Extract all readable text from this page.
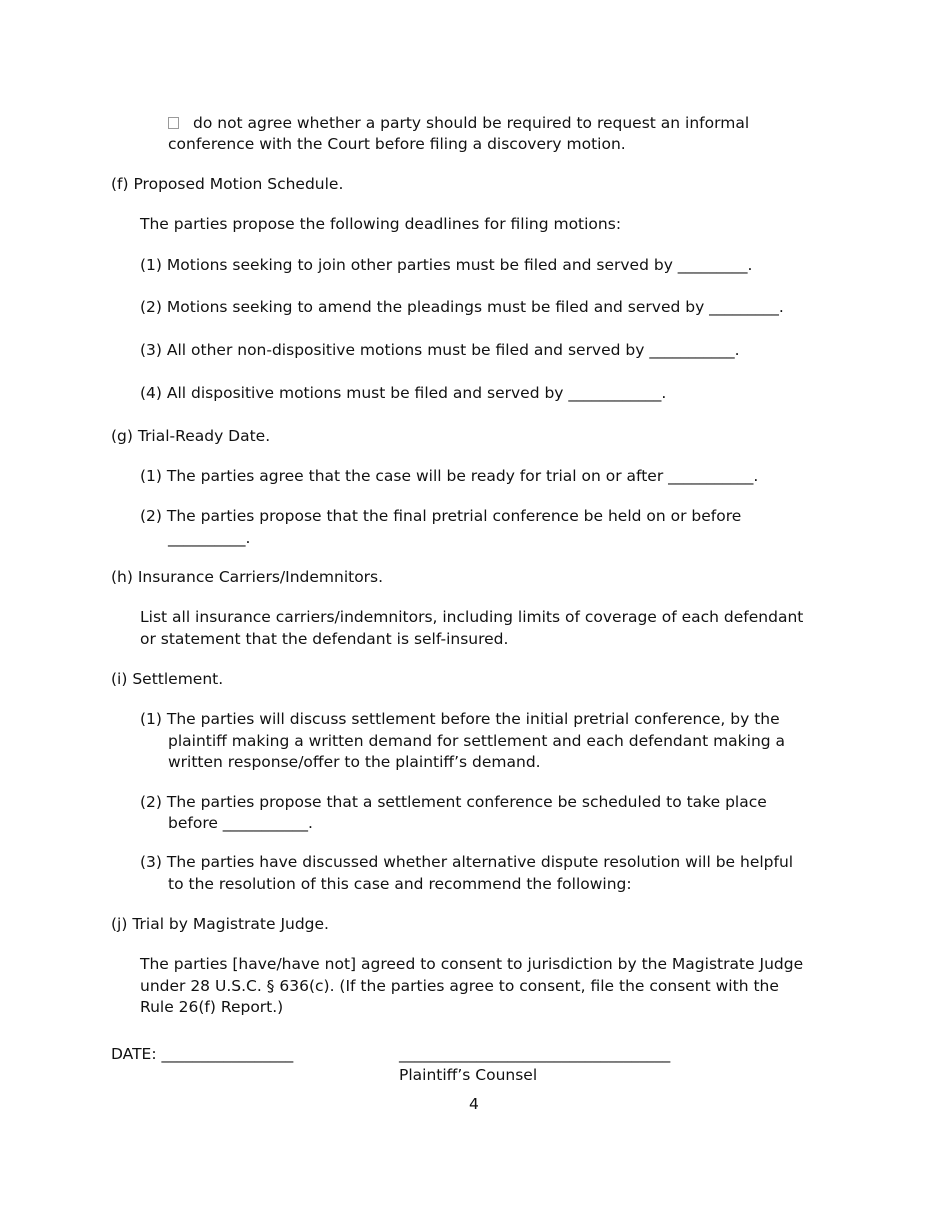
do not agree whether a party should be required to request an informal
conference with the Court before filing a discovery motion.
(f) Proposed Motion Schedule.
The parties propose the following deadlines for filing motions:
(1) Motions seeking to join other parties must be filed and served by _________.
(2) Motions seeking to amend the pleadings must be filed and served by _________.
(3) All other non-dispositive motions must be filed and served by ___________.
(4) All dispositive motions must be filed and served by ____________.
(g) Trial-Ready Date.
(1) The parties agree that the case will be ready for trial on or after ___________.
(2) The parties propose that the final pretrial conference be held on or before
__________.
(h) Insurance Carriers/Indemnitors.
List all insurance carriers/indemnitors, including limits of coverage of each defendant
or statement that the defendant is self-insured.
(i) Settlement.
(1) The parties will discuss settlement before the initial pretrial conference, by the
plaintiff making a written demand for settlement and each defendant making a
written response/offer to the plaintiff’s demand.
(2) The parties propose that a settlement conference be scheduled to take place
before ___________.
(3) The parties have discussed whether alternative dispute resolution will be helpful
to the resolution of this case and recommend the following:
(j) Trial by Magistrate Judge.
The parties [have/have not] agreed to consent to jurisdiction by the Magistrate Judge
under 28 U.S.C. § 636(c). (If the parties agree to consent, file the consent with the
Rule 26(f) Report.)
DATE: _________________	___________________________________
Plaintiff’s Counsel
4
